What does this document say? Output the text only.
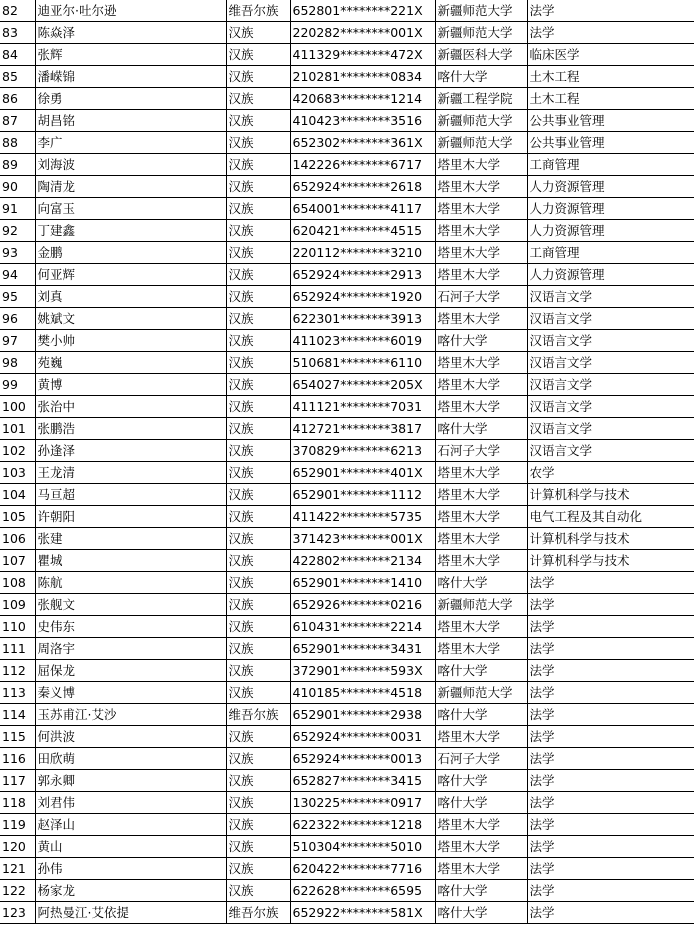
82	迪亚尔·吐尔逊	维吾尔族	652801********221X	新疆师范大学	法学
83	陈焱泽	汉族	220282********001X	新疆师范大学	法学
84	张辉	汉族	411329********472X	新疆医科大学	临床医学
85	潘嵘锦	汉族	210281********0834	喀什大学	土木工程
86	徐勇	汉族	420683********1214	新疆工程学院	土木工程
87	胡昌铭	汉族	410423********3516	新疆师范大学	公共事业管理
88	李广	汉族	652302********361X	新疆师范大学	公共事业管理
89	刘海波	汉族	142226********6717	塔里木大学	工商管理
90	陶清龙	汉族	652924********2618	塔里木大学	人力资源管理
91	向富玉	汉族	654001********4117	塔里木大学	人力资源管理
92	丁建鑫	汉族	620421********4515	塔里木大学	人力资源管理
93	金鹏	汉族	220112********3210	塔里木大学	工商管理
94	何亚辉	汉族	652924********2913	塔里木大学	人力资源管理
95	刘真	汉族	652924********1920	石河子大学	汉语言文学
96	姚斌文	汉族	622301********3913	塔里木大学	汉语言文学
97	樊小帅	汉族	411023********6019	喀什大学	汉语言文学
98	苑巍	汉族	510681********6110	塔里木大学	汉语言文学
99	黄博	汉族	654027********205X	塔里木大学	汉语言文学
100	张治中	汉族	411121********7031	塔里木大学	汉语言文学
101	张鹏浩	汉族	412721********3817	喀什大学	汉语言文学
102	孙逢泽	汉族	370829********6213	石河子大学	汉语言文学
103	王龙清	汉族	652901********401X	塔里木大学	农学
104	马亘超	汉族	652901********1112	塔里木大学	计算机科学与技术
105	许朝阳	汉族	411422********5735	塔里木大学	电气工程及其自动化
106	张建	汉族	371423********001X	塔里木大学	计算机科学与技术
107	瞿城	汉族	422802********2134	塔里木大学	计算机科学与技术
108	陈航	汉族	652901********1410	喀什大学	法学
109	张舰文	汉族	652926********0216	新疆师范大学	法学
110	史伟东	汉族	610431********2214	塔里木大学	法学
111	周洛宇	汉族	652901********3431	塔里木大学	法学
112	屈保龙	汉族	372901********593X	喀什大学	法学
113	秦义博	汉族	410185********4518	新疆师范大学	法学
114	玉苏甫江·艾沙	维吾尔族	652901********2938	喀什大学	法学
115	何洪波	汉族	652924********0031	塔里木大学	法学
116	田欣萌	汉族	652924********0013	石河子大学	法学
117	郭永卿	汉族	652827********3415	喀什大学	法学
118	刘君伟	汉族	130225********0917	喀什大学	法学
119	赵泽山	汉族	622322********1218	塔里木大学	法学
120	黄山	汉族	510304********5010	塔里木大学	法学
121	孙伟	汉族	620422********7716	塔里木大学	法学
122	杨家龙	汉族	622628********6595	喀什大学	法学
123	阿热曼江·艾依提	维吾尔族	652922********581X	喀什大学	法学
